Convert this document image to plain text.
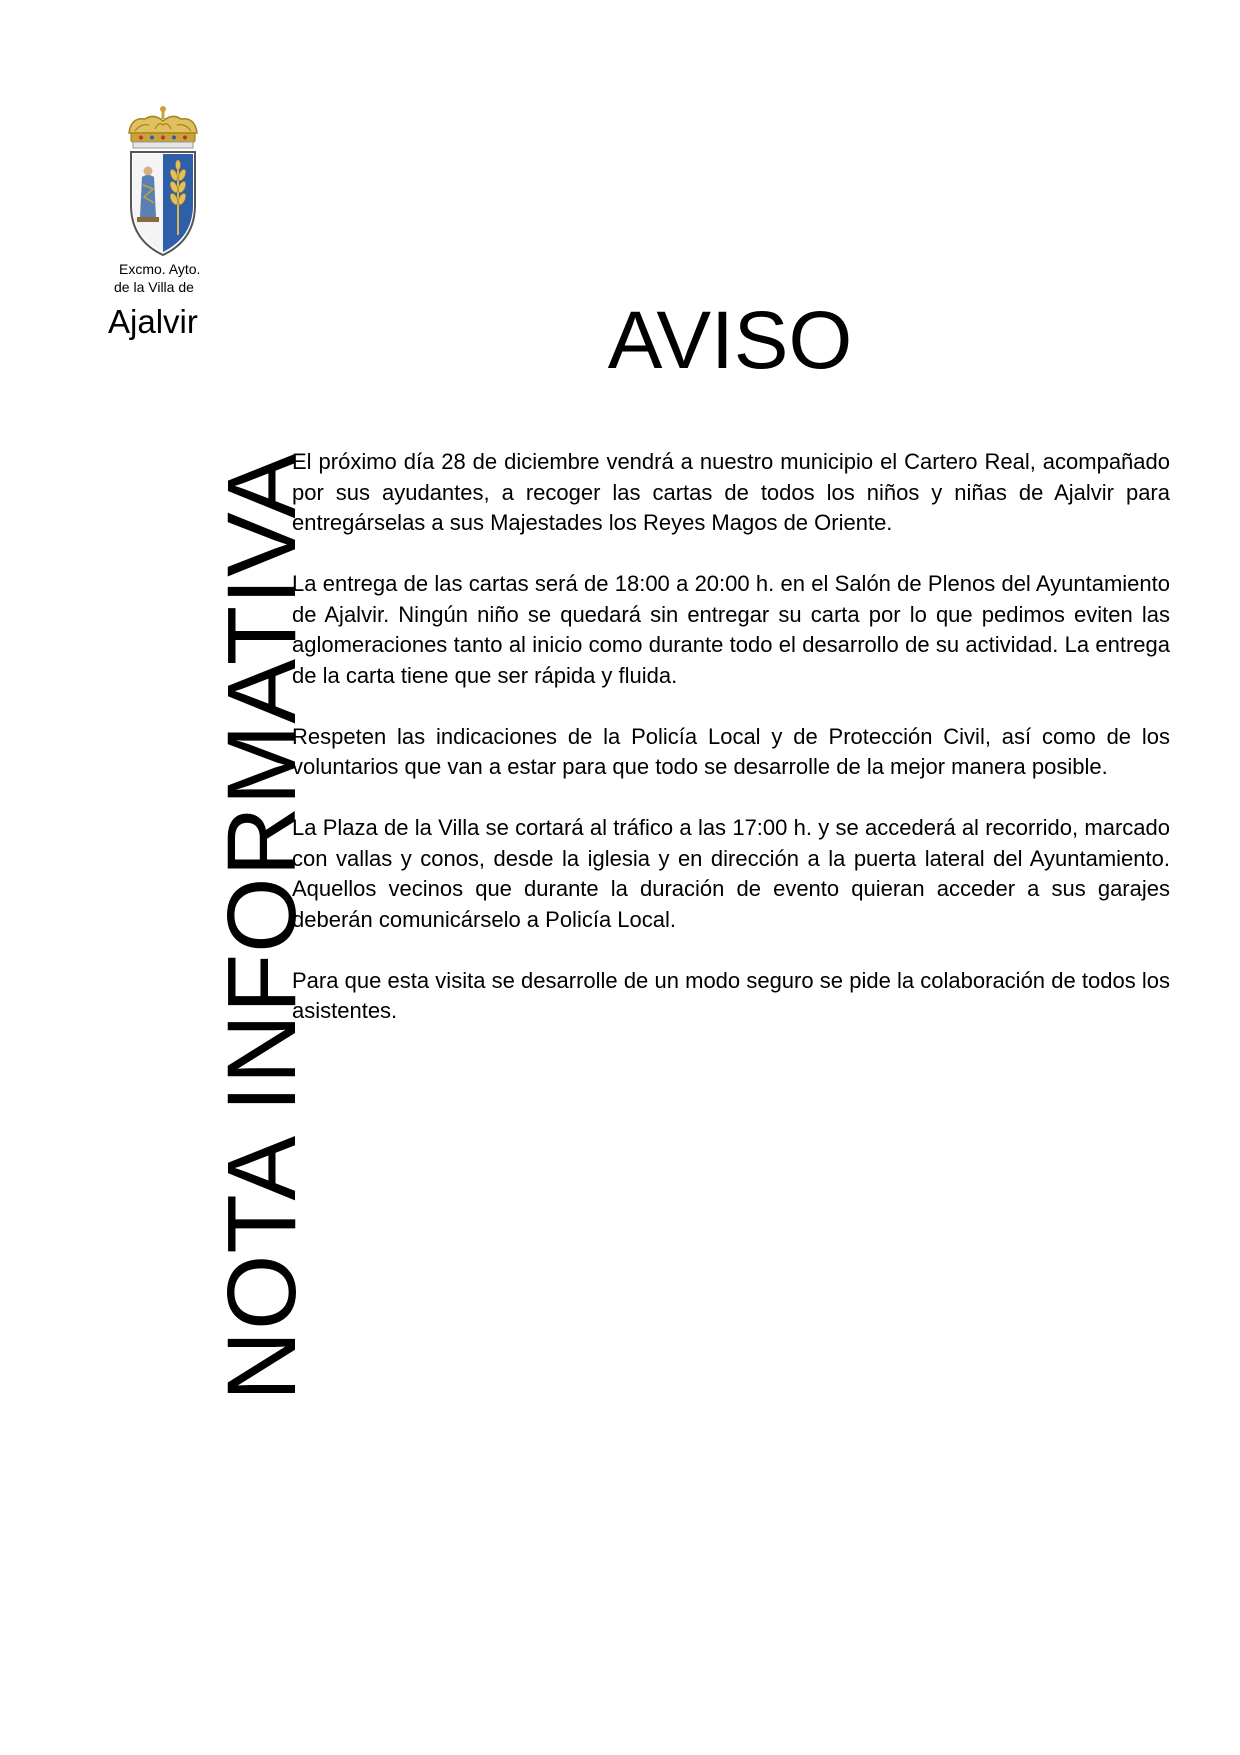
Excmo. Ayto.
de la Villa de
Ajalvir
NOTA INFORMATIVA
AVISO

El próximo día 28 de diciembre vendrá a nuestro municipio el Cartero Real, acompañado por sus ayudantes, a recoger las cartas de todos los niños y niñas de Ajalvir para entregárselas a sus Majestades los Reyes Magos de Oriente.

La entrega de las cartas será de 18:00 a 20:00 h. en el Salón de Plenos del Ayuntamiento de Ajalvir. Ningún niño se quedará sin entregar su carta por lo que pedimos eviten las aglomeraciones tanto al inicio como durante todo el desarrollo de su actividad. La entrega de la carta tiene que ser rápida y fluida.

Respeten las indicaciones de la Policía Local y de Protección Civil, así como de los voluntarios que van a estar para que todo se desarrolle de la mejor manera posible.

La Plaza de la Villa se cortará al tráfico a las 17:00 h. y se accederá al recorrido, marcado con vallas y conos, desde la iglesia y en dirección a la puerta lateral del Ayuntamiento. Aquellos vecinos que durante la duración de evento quieran acceder a sus garajes deberán comunicárselo a Policía Local.

Para que esta visita se desarrolle de un modo seguro se pide la colaboración de todos los asistentes.
